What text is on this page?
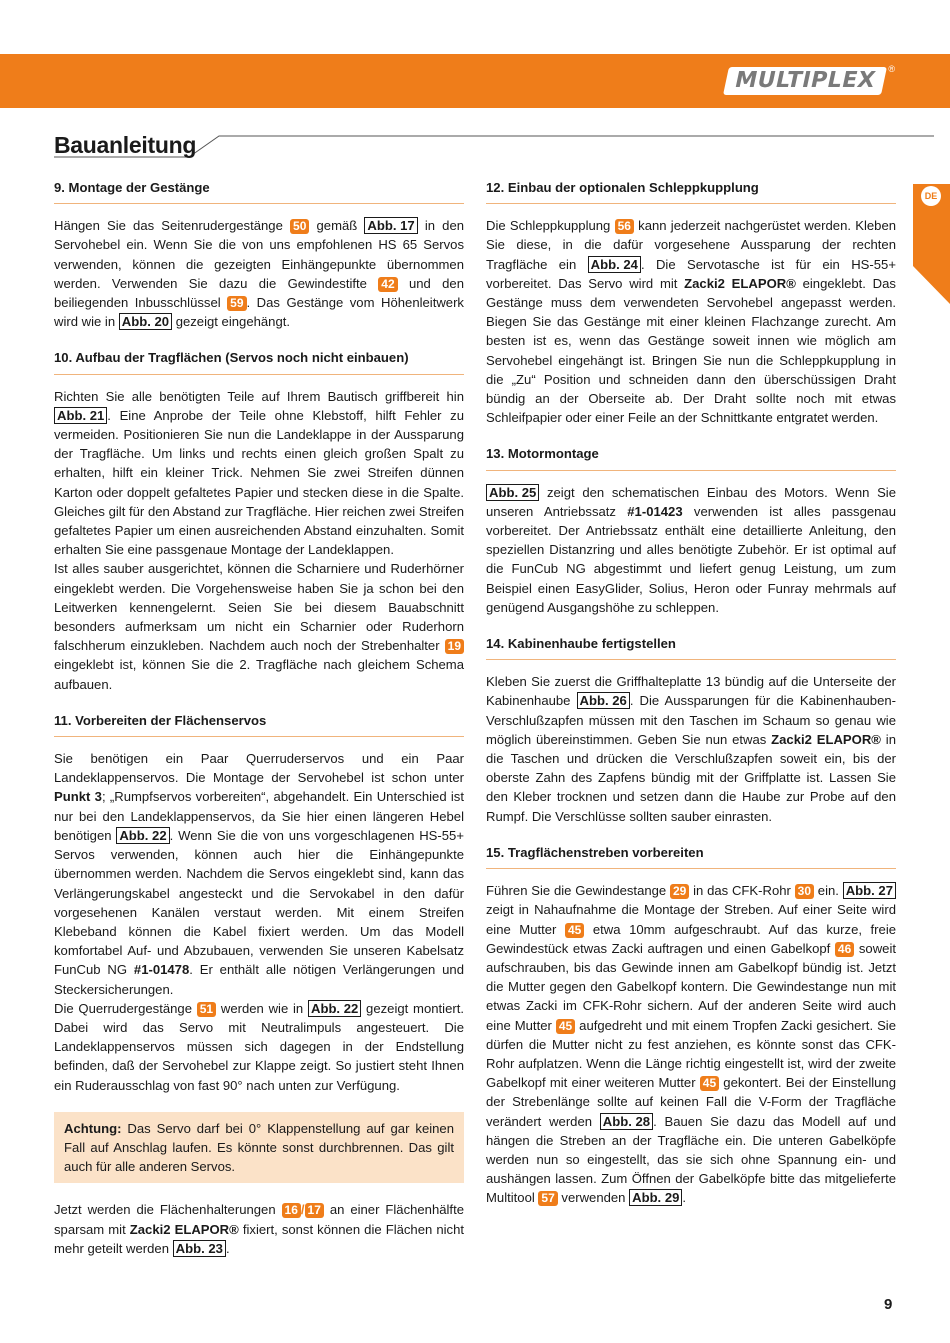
MULTIPLEX	®
Bauanleitung
DE
9. Montage der Gestänge

Hängen Sie das Seitenrudergestänge 50 gemäß Abb. 17 in den Servohebel ein. Wenn Sie die von uns empfohlenen HS 65 Servos verwenden, können die gezeigten Einhängepunkte übernommen werden. Verwenden Sie dazu die Gewindestifte 42 und den beiliegenden Inbusschlüssel 59 . Das Gestänge vom Höhenleitwerk wird wie in Abb. 20 gezeigt eingehängt.

10. Aufbau der Tragflächen (Servos noch nicht einbauen)

Richten Sie alle benötigten Teile auf Ihrem Bautisch griffbereit hin Abb. 21 . Eine Anprobe der Teile ohne Klebstoff, hilft Fehler zu vermeiden. Positionieren Sie nun die Landeklappe in der Aussparung der Tragfläche. Um links und rechts einen gleich großen Spalt zu erhalten, hilft ein kleiner Trick. Nehmen Sie zwei Streifen dünnen Karton oder doppelt gefaltetes Papier und stecken diese in die Spalte. Gleiches gilt für den Abstand zur Tragfläche. Hier reichen zwei Streifen gefaltetes Papier um einen ausreichenden Abstand einzuhalten. Somit erhalten Sie eine passgenaue Montage der Landeklappen.

Ist alles sauber ausgerichtet, können die Scharniere und Ruderhörner eingeklebt werden. Die Vorgehensweise haben Sie ja schon bei den Leitwerken kennengelernt. Seien Sie bei diesem Bauabschnitt besonders aufmerksam um nicht ein Scharnier oder Ruderhorn falschherum einzukleben. Nachdem auch noch der Strebenhalter 19 eingeklebt ist, können Sie die 2. Tragfläche nach gleichem Schema aufbauen.

11. Vorbereiten der Flächenservos

Sie benötigen ein Paar Querruderservos und ein Paar Landeklappenservos. Die Montage der Servohebel ist schon unter Punkt 3; „Rumpfservos vorbereiten“, abgehandelt. Ein Unterschied ist nur bei den Landeklappenservos, da Sie hier einen längeren Hebel benötigen Abb. 22 . Wenn Sie die von uns vorgeschlagenen HS-55+ Servos verwenden, können auch hier die Einhängepunkte übernommen werden. Nachdem die Servos eingeklebt sind, kann das Verlängerungskabel angesteckt und die Servokabel in den dafür vorgesehenen Kanälen verstaut werden. Mit einem Streifen Klebeband können die Kabel fixiert werden. Um das Modell komfortabel Auf- und Abzubauen, verwenden Sie unseren Kabelsatz FunCub NG #1-01478. Er enthält alle nötigen Verlängerungen und Steckersicherungen.

Die Querrudergestänge 51 werden wie in Abb. 22 gezeigt montiert. Dabei wird das Servo mit Neutralimpuls angesteuert. Die Landeklappenservos müssen sich dagegen in der Endstellung befinden, daß der Servohebel zur Klappe zeigt. So justiert steht Ihnen ein Ruderausschlag von fast 90° nach unten zur Verfügung.

Achtung: Das Servo darf bei 0° Klappenstellung auf gar keinen Fall auf Anschlag laufen. Es könnte sonst durchbrennen. Das gilt auch für alle anderen Servos.

Jetzt werden die Flächenhalterungen 16 / 17 an einer Flächenhälfte sparsam mit Zacki2 ELAPOR® fixiert, sonst können die Flächen nicht mehr geteilt werden Abb. 23 .

12. Einbau der optionalen Schleppkupplung

Die Schleppkupplung 56 kann jederzeit nachgerüstet werden. Kleben Sie diese, in die dafür vorgesehene Aussparung der rechten Tragfläche ein Abb. 24 . Die Servotasche ist für ein HS-55+ vorbereitet. Das Servo wird mit Zacki2 ELAPOR® eingeklebt. Das Gestänge muss dem verwendeten Servohebel angepasst werden. Biegen Sie das Gestänge mit einer kleinen Flachzange zurecht. Am besten ist es, wenn das Gestänge soweit innen wie möglich am Servohebel eingehängt ist. Bringen Sie nun die Schleppkupplung in die „Zu“ Position und schneiden dann den überschüssigen Draht bündig an der Oberseite ab. Der Draht sollte noch mit etwas Schleifpapier oder einer Feile an der Schnittkante entgratet werden.

13. Motormontage

Abb. 25 zeigt den schematischen Einbau des Motors. Wenn Sie unseren Antriebssatz #1-01423 verwenden ist alles passgenau vorbereitet. Der Antriebssatz enthält eine detaillierte Anleitung, den speziellen Distanzring und alles benötigte Zubehör. Er ist optimal auf die FunCub NG abgestimmt und liefert genug Leistung, um zum Beispiel einen EasyGlider, Solius, Heron oder Funray mehrmals auf genügend Ausgangshöhe zu schleppen.

14. Kabinenhaube fertigstellen

Kleben Sie zuerst die Griffhalteplatte 13 bündig auf die Unterseite der Kabinenhaube Abb. 26 . Die Aussparungen für die Kabinenhauben-Verschlußzapfen müssen mit den Taschen im Schaum so genau wie möglich übereinstimmen. Geben Sie nun etwas Zacki2 ELAPOR® in die Taschen und drücken die Verschlußzapfen soweit ein, bis der oberste Zahn des Zapfens bündig mit der Griffplatte ist. Lassen Sie den Kleber trocknen und setzen dann die Haube zur Probe auf den Rumpf. Die Verschlüsse sollten sauber einrasten.

15. Tragflächenstreben vorbereiten

Führen Sie die Gewindestange 29 in das CFK-Rohr 30 ein. Abb. 27 zeigt in Nahaufnahme die Montage der Streben. Auf einer Seite wird eine Mutter 45 etwa 10mm aufgeschraubt. Auf das kurze, freie Gewindestück etwas Zacki auftragen und einen Gabelkopf 46 soweit aufschrauben, bis das Gewinde innen am Gabelkopf bündig ist. Jetzt die Mutter gegen den Gabelkopf kontern. Die Gewindestange nun mit etwas Zacki im CFK-Rohr sichern. Auf der anderen Seite wird auch eine Mutter 45 aufgedreht und mit einem Tropfen Zacki gesichert. Sie dürfen die Mutter nicht zu fest anziehen, es könnte sonst das CFK-Rohr aufplatzen. Wenn die Länge richtig eingestellt ist, wird der zweite Gabelkopf mit einer weiteren Mutter 45 gekontert. Bei der Einstellung der Strebenlänge sollte auf keinen Fall die V-Form der Tragfläche verändert werden Abb. 28 . Bauen Sie dazu das Modell auf und hängen die Streben an der Tragfläche ein. Die unteren Gabelköpfe werden nun so eingestellt, das sie sich ohne Spannung ein- und aushängen lassen. Zum Öffnen der Gabelköpfe bitte das mitgelieferte Multitool 57 verwenden Abb. 29 .

9
